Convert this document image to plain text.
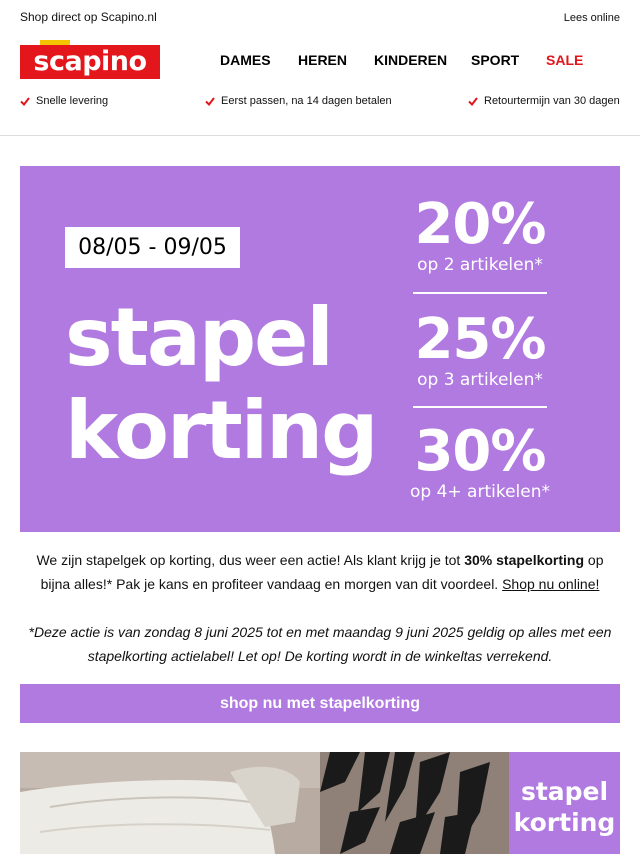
Shop direct op Scapino.nl	Lees online
scapino	DAMES HEREN KINDEREN SPORT SALE
Snelle levering	Eerst passen, na 14 dagen betalen	Retourtermijn van 30 dagen
08/05 - 09/05
stapel
korting
20%
op 2 artikelen*
25%
op 3 artikelen*
30%
op 4+ artikelen*

We zijn stapelgek op korting, dus weer een actie! Als klant krijg je tot 30% stapelkorting op bijna alles!* Pak je kans en profiteer vandaag en morgen van dit voordeel. Shop nu online!

*Deze actie is van zondag 8 juni 2025 tot en met maandag 9 juni 2025 geldig op alles met een stapelkorting actielabel! Let op! De korting wordt in de winkeltas verrekend.

shop nu met stapelkorting
stapel
korting
